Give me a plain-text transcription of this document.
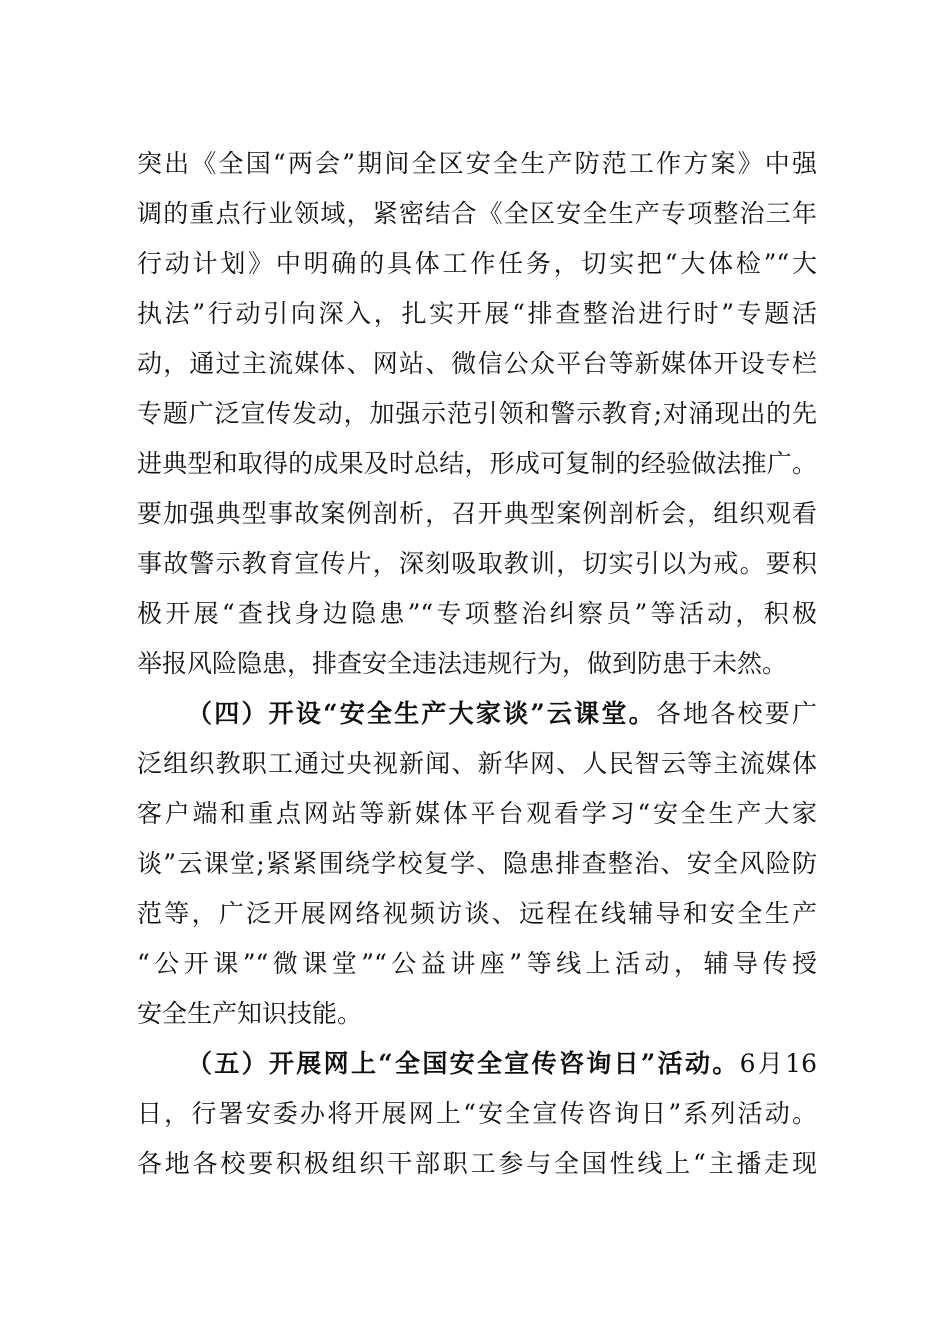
突出《全国“两会”期间全区安全生产防范工作方案》中强
调的重点行业领域，紧密结合《全区安全生产专项整治三年
行动计划》中明确的具体工作任务，切实把“大体检”“大
执法”行动引向深入，扎实开展“排查整治进行时”专题活
动，通过主流媒体、网站、微信公众平台等新媒体开设专栏
专题广泛宣传发动，加强示范引领和警示教育;对涌现出的先
进典型和取得的成果及时总结，形成可复制的经验做法推广。
要加强典型事故案例剖析，召开典型案例剖析会，组织观看
事故警示教育宣传片，深刻吸取教训，切实引以为戒。要积
极开展“查找身边隐患”“专项整治纠察员”等活动，积极
举报风险隐患，排查安全违法违规行为，做到防患于未然。
（四）开设“安全生产大家谈”云课堂。各地各校要广
泛组织教职工通过央视新闻、新华网、人民智云等主流媒体
客户端和重点网站等新媒体平台观看学习“安全生产大家
谈”云课堂;紧紧围绕学校复学、隐患排查整治、安全风险防
范等，广泛开展网络视频访谈、远程在线辅导和安全生产
“公开课”“微课堂”“公益讲座”等线上活动，辅导传授
安全生产知识技能。
（五）开展网上“全国安全宣传咨询日”活动。6月16
日，行署安委办将开展网上“安全宣传咨询日”系列活动。
各地各校要积极组织干部职工参与全国性线上“主播走现
